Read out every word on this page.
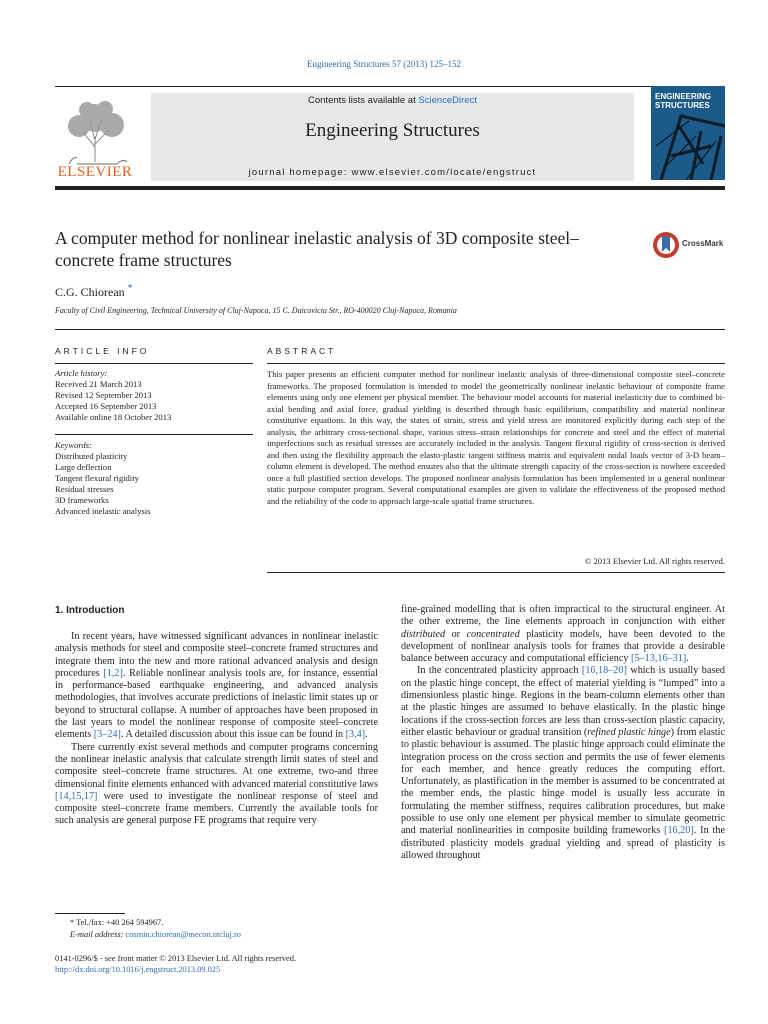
Engineering Structures 57 (2013) 125–152
ELSEVIER
Contents lists available at ScienceDirect
Engineering Structures
journal homepage: www.elsevier.com/locate/engstruct
ENGINEERING STRUCTURES
A computer method for nonlinear inelastic analysis of 3D composite steel–concrete frame structures
CrossMark
C.G. Chiorean *
Faculty of Civil Engineering, Technical University of Cluj-Napoca, 15 C. Daicoviciu Str., RO-400020 Cluj-Napoca, Romania
ARTICLE INFO	ABSTRACT
Article history:
Received 21 March 2013
Revised 12 September 2013
Accepted 16 September 2013
Available online 18 October 2013
Keywords:
Distributed plasticity
Large deflection
Tangent flexural rigidity
Residual stresses
3D frameworks
Advanced inelastic analysis
This paper presents an efficient computer method for nonlinear inelastic analysis of three-dimensional composite steel–concrete frameworks. The proposed formulation is intended to model the geometrically nonlinear inelastic behaviour of composite frame elements using only one element per physical member. The behaviour model accounts for material inelasticity due to combined bi-axial bending and axial force, gradual yielding is described through basic equilibrium, compatibility and material nonlinear constitutive equations. In this way, the states of strain, stress and yield stress are monitored explicitly during each step of the analysis, the arbitrary cross-sectional shape, various stress–strain relationships for concrete and steel and the effect of material imperfections such as residual stresses are accurately included in the analysis. Tangent flexural rigidity of cross-section is derived and then using the flexibility approach the elasto-plastic tangent stiffness matrix and equivalent nodal loads vector of 3-D beam–column element is developed. The method ensures also that the ultimate strength capacity of the cross-section is nowhere exceeded once a full plastified section develops. The proposed nonlinear analysis formulation has been implemented in a general nonlinear static purpose computer program. Several computational examples are given to validate the effectiveness of the proposed method and the reliability of the code to approach large-scale spatial frame structures.
© 2013 Elsevier Ltd. All rights reserved.
1. Introduction

In recent years, have witnessed significant advances in nonlinear inelastic analysis methods for steel and composite steel–concrete framed structures and integrate them into the new and more rational advanced analysis and design procedures [1,2]. Reliable nonlinear analysis tools are, for instance, essential in performance-based earthquake engineering, and advanced analysis methodologies, that involves accurate predictions of inelastic limit states up or beyond to structural collapse. A number of approaches have been proposed in the last years to model the nonlinear response of composite steel–concrete elements [3–24]. A detailed discussion about this issue can be found in [3,4].

There currently exist several methods and computer programs concerning the nonlinear inelastic analysis that calculate strength limit states of steel and composite steel–concrete frame structures. At one extreme, two-and three dimensional finite elements enhanced with advanced material constitutive laws [14,15,17] were used to investigate the nonlinear response of steel and composite steel–concrete frame members. Currently the available tools for such analysis are general purpose FE programs that require very

fine-grained modelling that is often impractical to the structural engineer. At the other extreme, the line elements approach in conjunction with either distributed or concentrated plasticity models, have been devoted to the development of nonlinear analysis tools for frames that provide a desirable balance between accuracy and computational efficiency [5–13,16–31].

In the concentrated plasticity approach [16,18–20] which is usually based on the plastic hinge concept, the effect of material yielding is “lumped” into a dimensionless plastic hinge. Regions in the beam-column elements other than at the plastic hinges are assumed to behave elastically. In the plastic hinge locations if the cross-section forces are less than cross-section plastic capacity, either elastic behaviour or gradual transition (refined plastic hinge) from elastic to plastic behaviour is assumed. The plastic hinge approach could eliminate the integration process on the cross section and permits the use of fewer elements for each member, and hence greatly reduces the computing effort. Unfortunately, as plastification in the member is assumed to be concentrated at the member ends, the plastic hinge model is usually less accurate in formulating the member stiffness, requires calibration procedures, but make possible to use only one element per physical member to simulate geometric and material nonlinearities in composite building frameworks [16,20]. In the distributed plasticity models gradual yielding and spread of plasticity is allowed throughout

* Tel./fax: +40 264 594967.
E-mail address: cosmin.chiorean@mecon.utcluj.ro
0141-0296/$ - see front matter © 2013 Elsevier Ltd. All rights reserved.
http://dx.doi.org/10.1016/j.engstruct.2013.09.025
